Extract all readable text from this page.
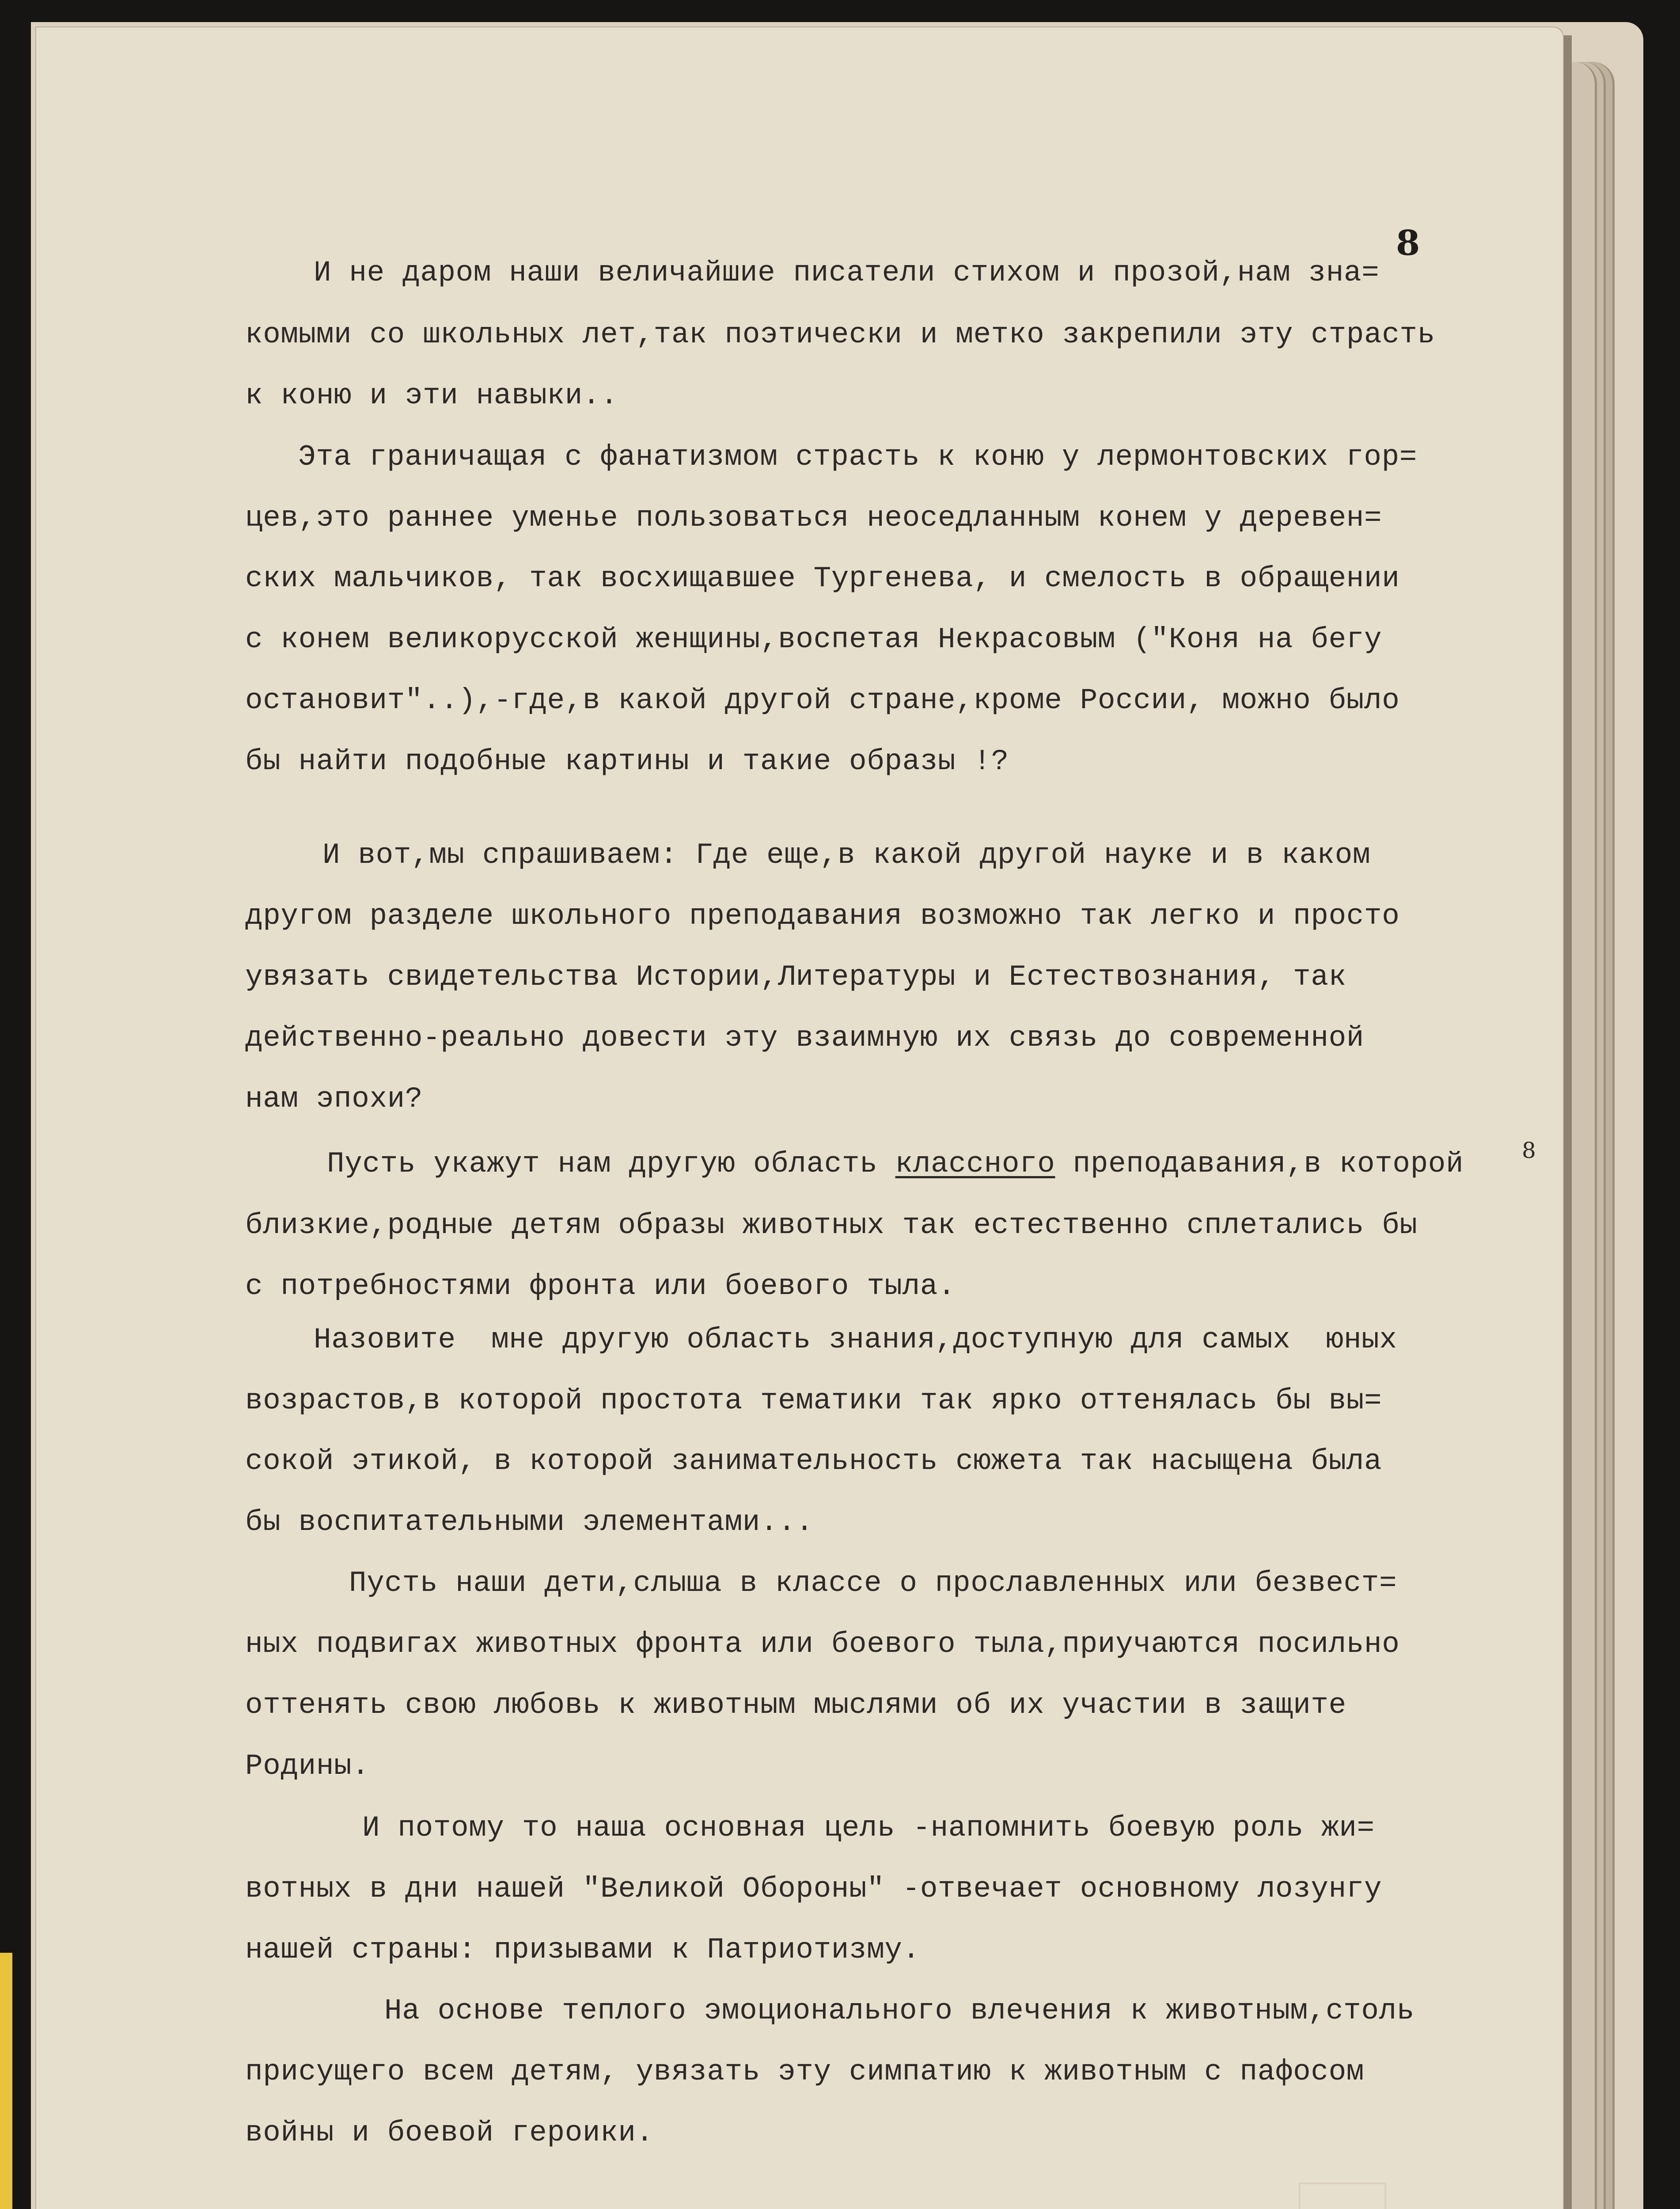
8
8
И не даром наши величайшие писатели стихом и прозой,нам зна=
комыми со школьных лет,так поэтически и метко закрепили эту страсть
к коню и эти навыки..
Эта граничащая с фанатизмом страсть к коню у лермонтовских гор=
цев,это раннее уменье пользоваться неоседланным конем у деревен=
ских мальчиков, так восхищавшее Тургенева, и смелость в обращении
с конем великорусской женщины,воспетая Некрасовым ("Коня на бегу
остановит"..),-где,в какой другой стране,кроме России, можно было
бы найти подобные картины и такие образы !?
И вот,мы спрашиваем: Где еще,в какой другой науке и в каком
другом разделе школьного преподавания возможно так легко и просто
увязать свидетельства Истории,Литературы и Естествознания, так
действенно-реально довести эту взаимную их связь до современной
нам эпохи?
Пусть укажут нам другую область классного преподавания,в которой
близкие,родные детям образы животных так естественно сплетались бы
с потребностями фронта или боевого тыла.
Назовите  мне другую область знания,доступную для самых  юных
возрастов,в которой простота тематики так ярко оттенялась бы вы=
сокой этикой, в которой занимательность сюжета так насыщена была
бы воспитательными элементами...
Пусть наши дети,слыша в классе о прославленных или безвест=
ных подвигах животных фронта или боевого тыла,приучаются посильно
оттенять свою любовь к животным мыслями об их участии в защите
Родины.
И потому то наша основная цель -напомнить боевую роль жи=
вотных в дни нашей "Великой Обороны" -отвечает основному лозунгу
нашей страны: призывами к Патриотизму.
На основе теплого эмоционального влечения к животным,столь
присущего всем детям, увязать эту симпатию к животным с пафосом
войны и боевой героики.
